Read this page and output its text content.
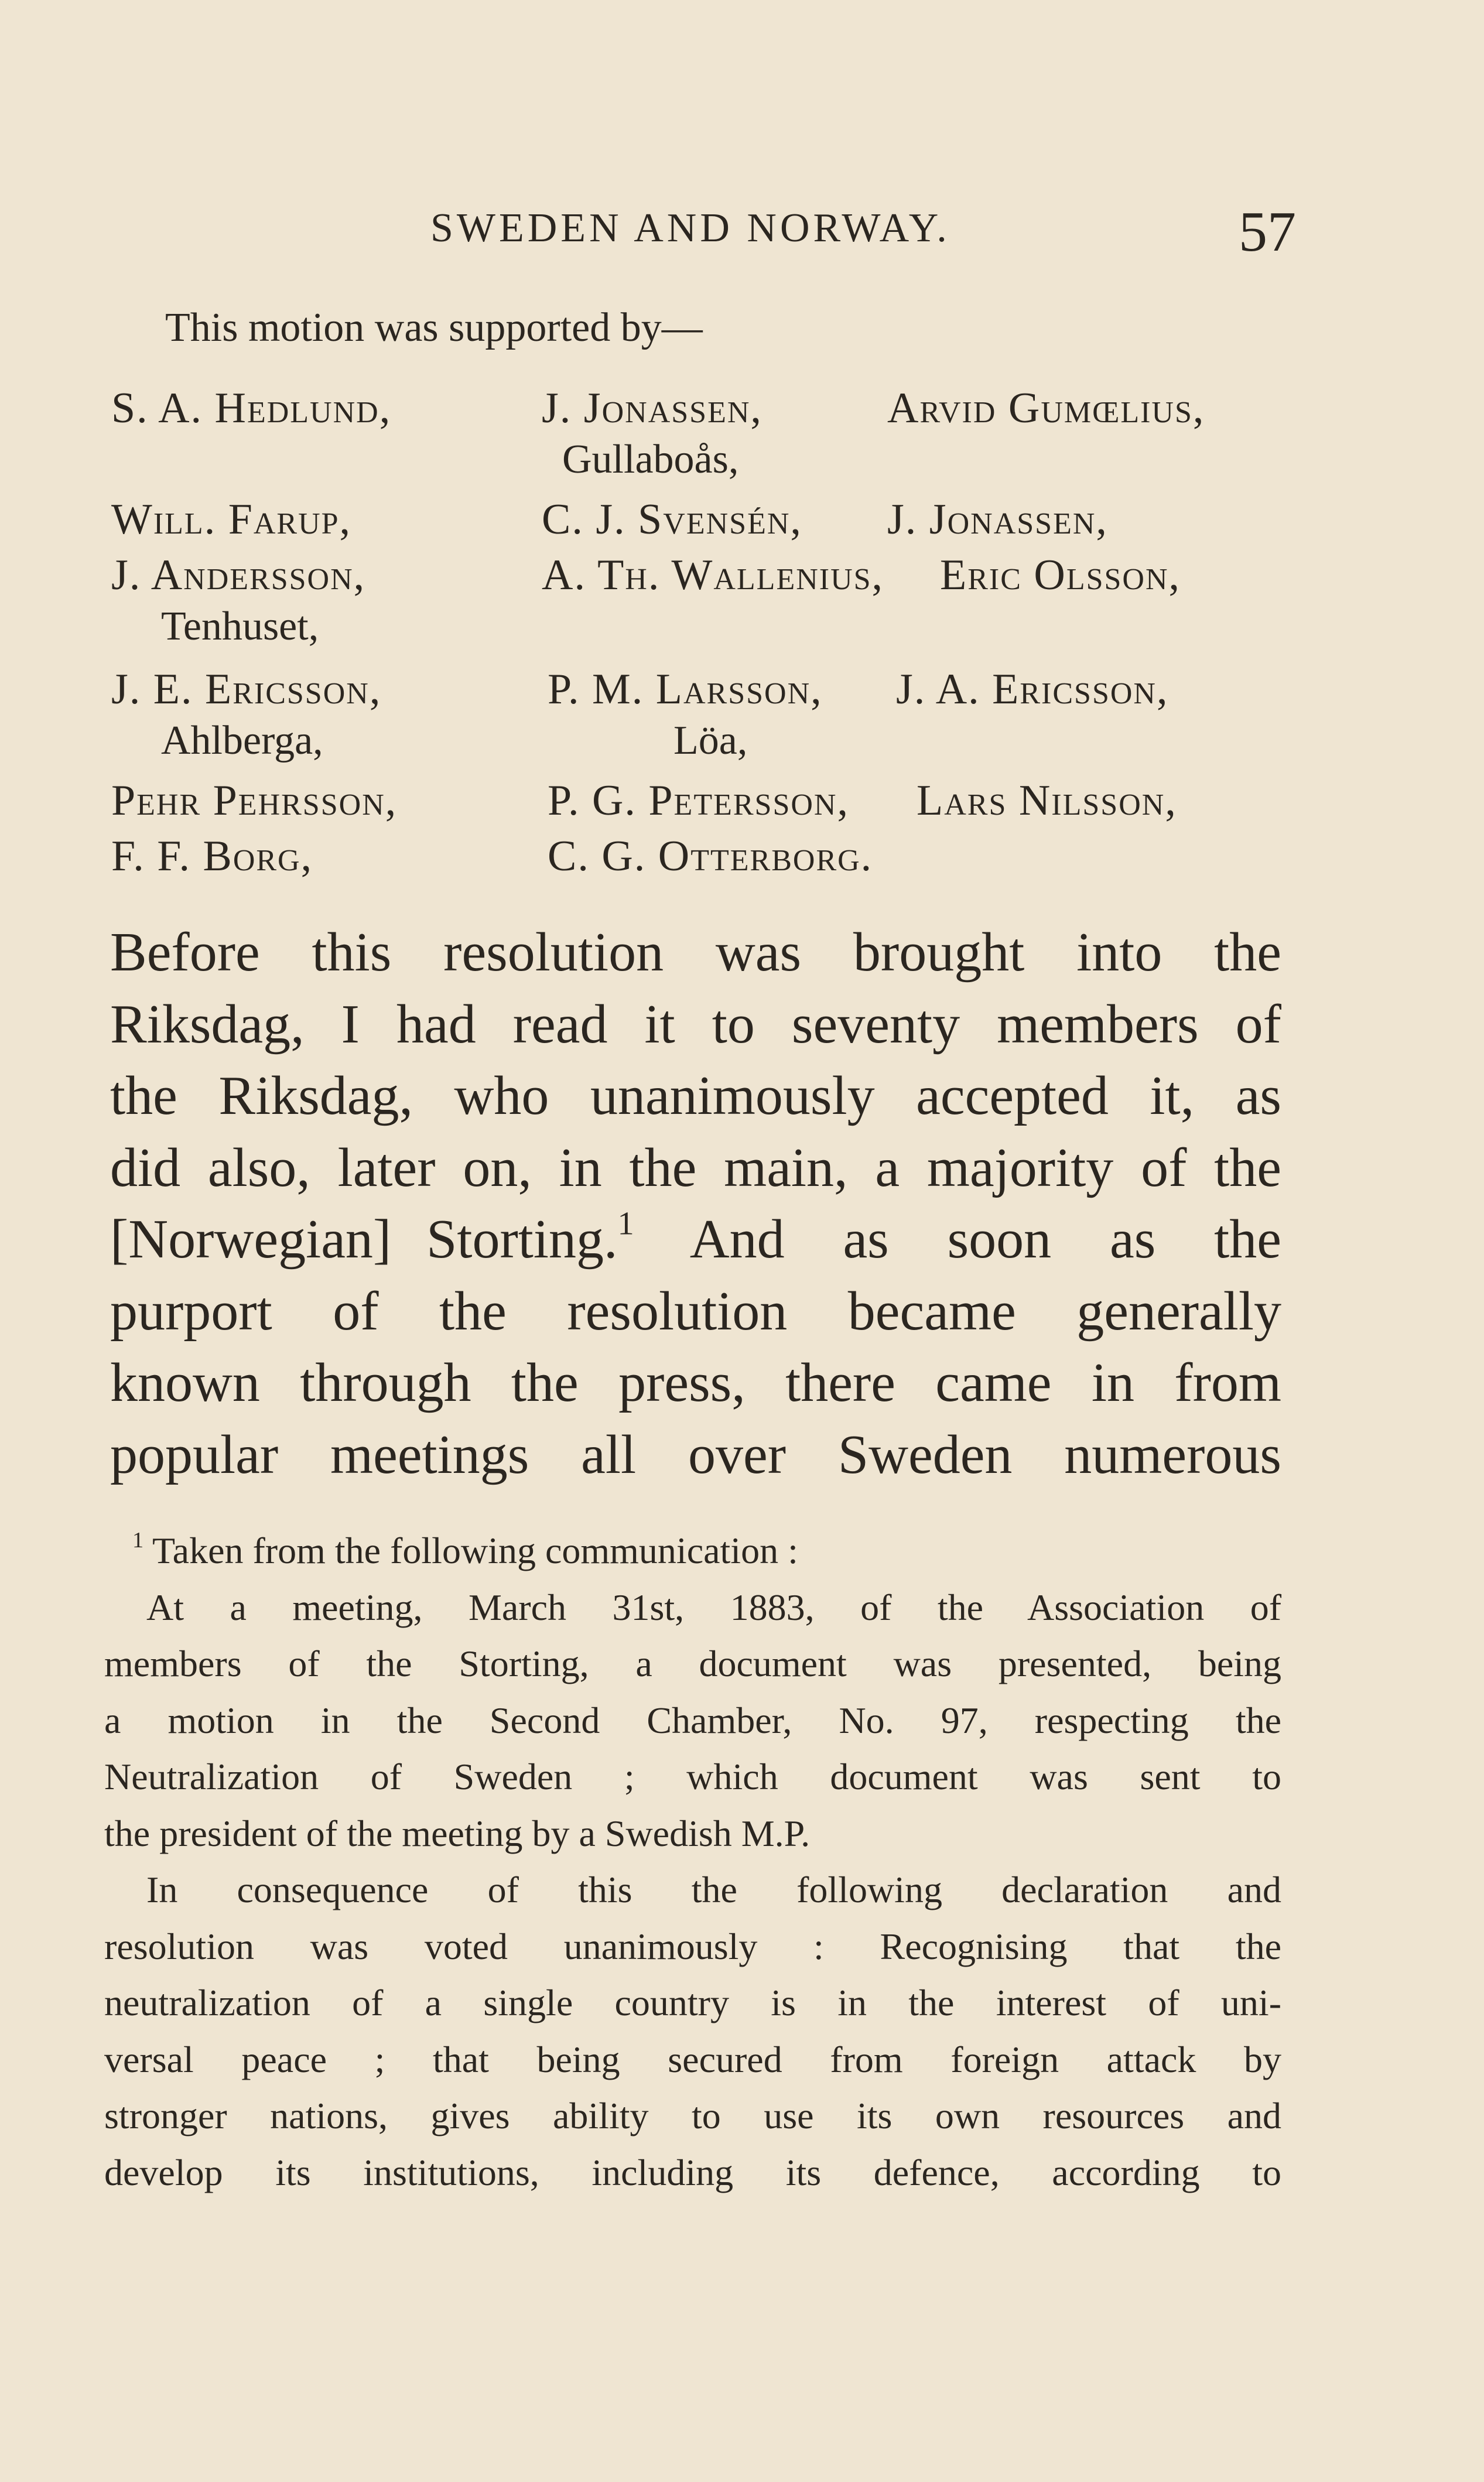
SWEDEN AND NORWAY.	57
This motion was supported by—
S. A. Hedlund,
Will. Farup,
J. Andersson,
Tenhuset,
J. E. Ericsson,
Ahlberga,
Pehr Pehrsson,
F. F. Borg,
J. Jonassen,
Gullaboås,
C. J. Svensén,
A. Th. Wallenius,
P. M. Larsson,
P. G. Petersson,
C. G. Otterborg.
Arvid Gumœlius,
J. Jonassen,
Eric Olsson,
J. A. Ericsson,
Löa,
Lars Nilsson,
Before this resolution was brought into the
Riksdag, I had read it to seventy members of
the Riksdag, who unanimously accepted it, as
did also, later on, in the main, a majority of the
[Norwegian] Storting.$^1$ And as soon as the
purport of the resolution became generally
known through the press, there came in from
popular meetings all over Sweden numerous
$^1$ Taken from the following communication :
At a meeting, March 31st, 1883, of the Association of
members of the Storting, a document was presented, being
a motion in the Second Chamber, No. 97, respecting the
Neutralization of Sweden ; which document was sent to
the president of the meeting by a Swedish M.P.
In consequence of this the following declaration and
resolution was voted unanimously : Recognising that the
neutralization of a single country is in the interest of uni-
versal peace ; that being secured from foreign attack by
stronger nations, gives ability to use its own resources and
develop its institutions, including its defence, according to
